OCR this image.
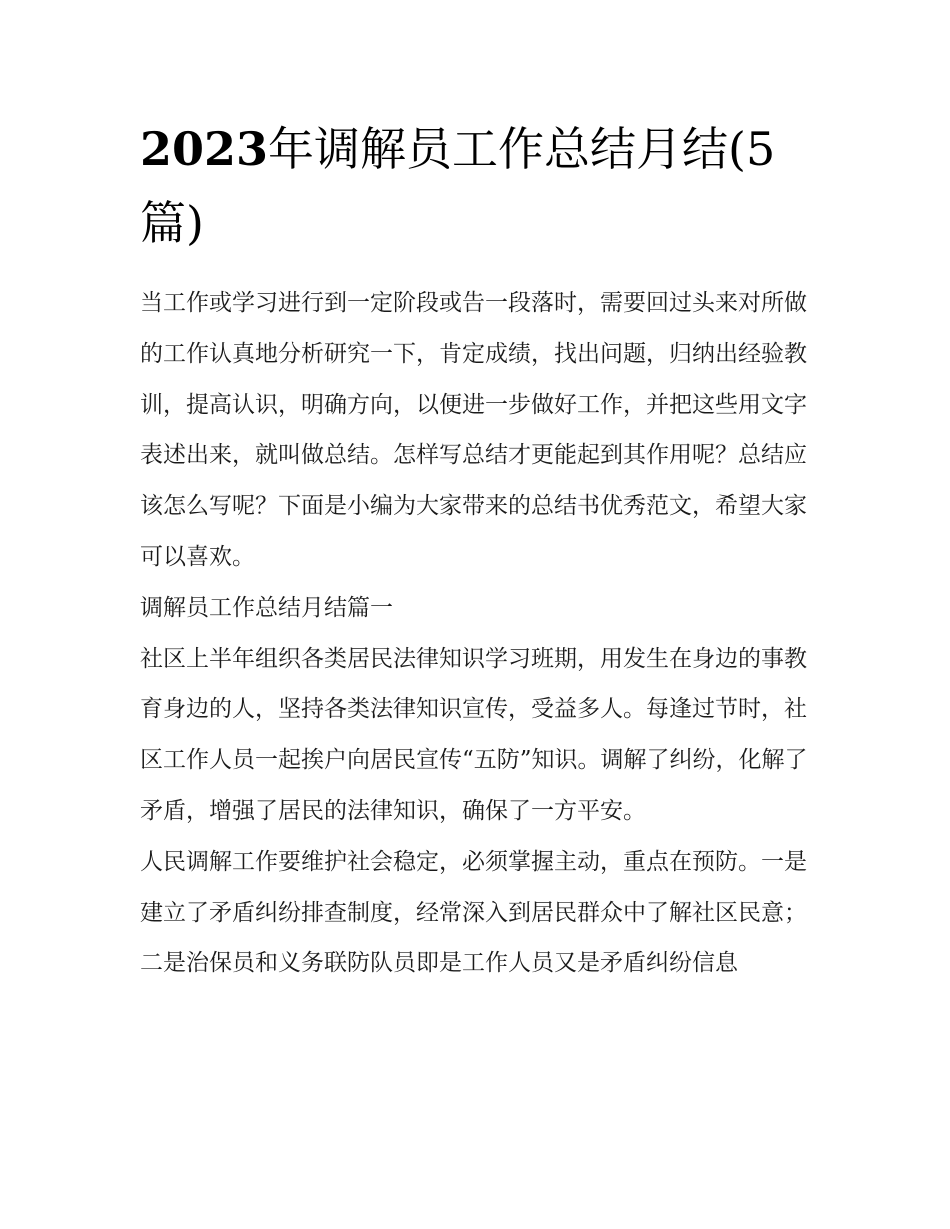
2023年调解员工作总结月结(5篇)

当工作或学习进行到一定阶段或告一段落时，需要回过头来对所做的工作认真地分析研究一下，肯定成绩，找出问题，归纳出经验教训，提高认识，明确方向，以便进一步做好工作，并把这些用文字表述出来，就叫做总结。怎样写总结才更能起到其作用呢？总结应该怎么写呢？下面是小编为大家带来的总结书优秀范文，希望大家可以喜欢。

调解员工作总结月结篇一

社区上半年组织各类居民法律知识学习班期，用发生在身边的事教育身边的人，坚持各类法律知识宣传，受益多人。每逢过节时，社区工作人员一起挨户向居民宣传“五防”知识。调解了纠纷，化解了矛盾，增强了居民的法律知识，确保了一方平安。

人民调解工作要维护社会稳定，必须掌握主动，重点在预防。一是建立了矛盾纠纷排查制度，经常深入到居民群众中了解社区民意；

二是治保员和义务联防队员即是工作人员又是矛盾纠纷信息
